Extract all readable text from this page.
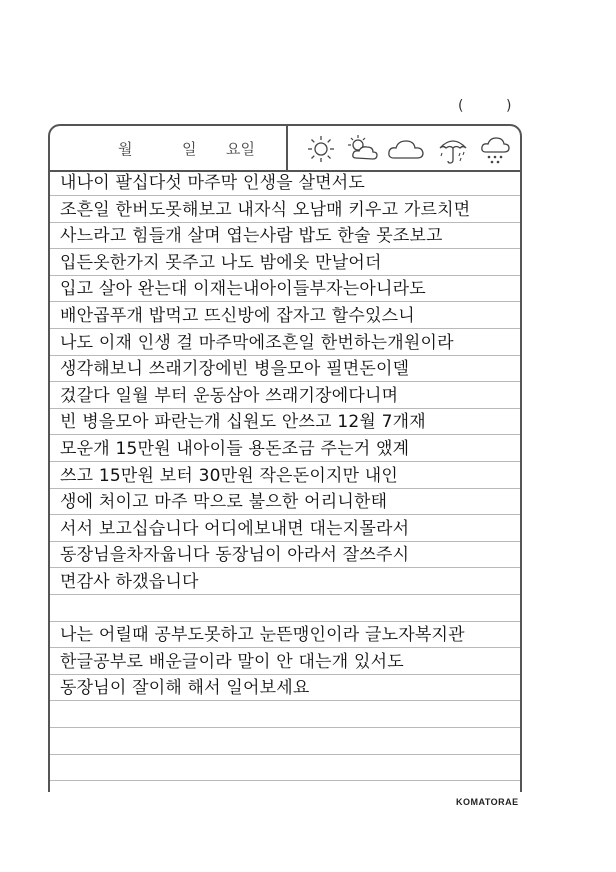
( )
월	일 요일
내나이 팔십다섯 마주막 인생을 살면서도
조흔일 한버도못해보고 내자식 오남매 키우고 가르치면
사느라고 힘들개 살며 엽는사람 밥도 한술 못조보고
입든옷한가지 못주고 나도 밤에옷 만날어더
입고 살아 완는대 이재는내아이들부자는아니라도
배안곱푸개 밥먹고 뜨신방에 잡자고 할수있스니
나도 이재 인생 걸 마주막에조흔일 한번하는개원이라
생각해보니 쓰래기장에빈 병을모아 필면돈이델
겄갈다 일월 부터 운동삼아 쓰래기장에다니며
빈 병을모아 파란는개 십원도 안쓰고 12월 7개재
모운개 15만원 내아이들 용돈조금 주는거 앴계
쓰고 15만원 보터 30만원 작은돈이지만 내인
생에 처이고 마주 막으로 불으한 어리니한태
서서 보고십습니다 어디에보내면 대는지몰라서
동장님을차자웁니다 동장님이 아라서 잘쓰주시
면감사 하갰읍니다
나는 어릴때 공부도못하고 눈뜬맹인이라 글노자복지관
한글공부로 배운글이라 말이 안 대는개 있서도
동장님이 잘이해 해서 일어보세요
KOMATORAE
